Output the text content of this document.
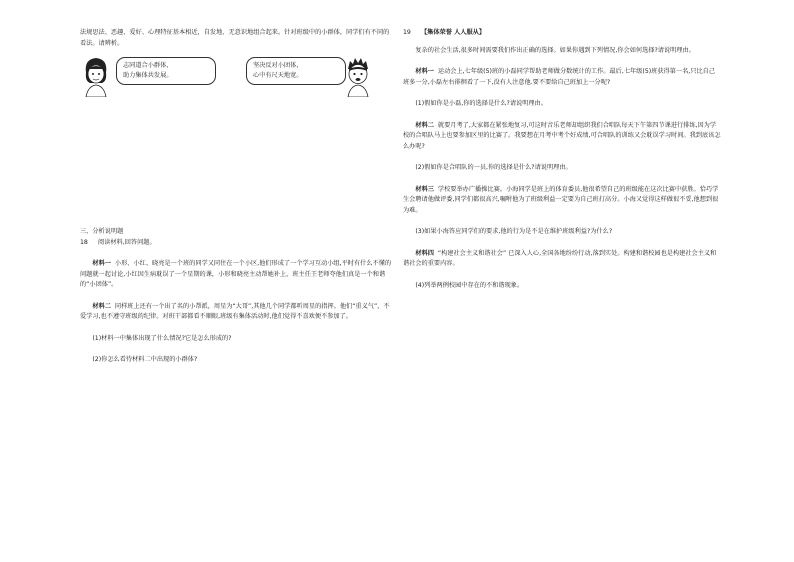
法规思法、恶趣、爱好、心理特征基本相近，自发地、无意识地组合起来。针对班级中的小群体，同学们有不同的看法。请辨析。

志同道合小群体，
助力集体共发展。
坚决反对小团体，
心中有尺天地宽。

三、分析说明题

18 阅读材料,回答问题。

材料一 小形、小红、晓亮是一个班的同学又同住在一个小区,他们形成了一个学习互动小组,平时有什么不懂的问题就一起讨论,小红因生病耽误了一个星期的课，小形和晓亮主动帮她补上，班主任王老师夸他们真是一个和谐的“小团体”。

材料二 同样班上还有一个出了名的小帮派，周星为“大哥”,其他几个同学都听周星的指挥。他们“重义气”，不爱学习,也不遵守班级的纪律。对班干部都看不顺眼,班级有集体活动时,他们觉得不喜欢便不参加了。

(1)材料一中集体出现了什么情况?它是怎么形成的?

(2)你怎么看待材料二中出现的小群体?

19 【集体荣誉 人人服从】

复杂的社会生活,很多时间需要我们作出正确的选择。如果你遇到下列情况,你会如何选择?请说明理由。

材料一 运动会上,七年级(5)班的小磊同学帮助老师做分数统计的工作。最后,七年级(5)班获得第一名,只比自己班多一分,小磊左右徘徊看了一下,没有人注意他.要不要给自己班加上一分呢?

(1)假如你是小磊,你的选择是什么?请说明理由。

材料二 就要月考了,大家都在紧张地复习,可这时音乐老师却组织我们合唱队每天下午第四节课进行排练,因为学校的合唱队马上也要参加区里的比赛了。我要想在月考中考个好成绩,可合唱队的训练又会耽误学习时间。我到底该怎么办呢?

(2)假如你是合唱队的一员,你的选择是什么?请说明理由。

材料三 学校要举办广播操比赛。小海同学是班上的体育委员,他很希望自己的班级能在这次比赛中获胜。恰巧学生会聘请他做评委,同学们都很高兴,嘱咐他为了班级利益一定要为自己班打高分。小海又觉得这样做很不妥,他想到很为难。

(3)如果小海答应同学们的要求,他的行为是不是在维护班级利益?为什么?

材料四 “构建社会主义和谐社会” 已深入人心,全国各地纷纷行动,落到实处。构建和谐校园也是构建社会主义和谐社会的重要内容。

(4)列举两例校园中存在的不和谐现象。
